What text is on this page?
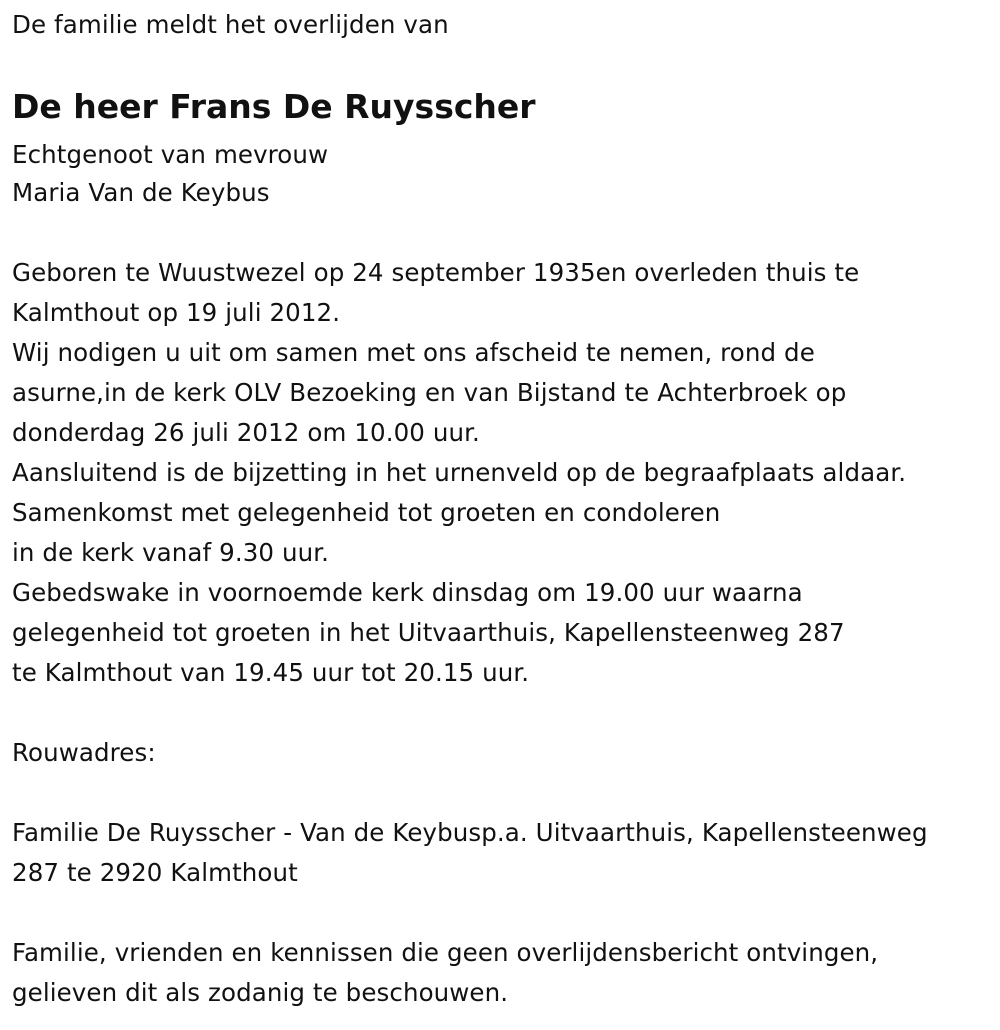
De familie meldt het overlijden van
De heer Frans De Ruysscher
Echtgenoot van mevrouw
Maria Van de Keybus
Geboren te Wuustwezel op 24 september 1935en overleden thuis te
Kalmthout op 19 juli 2012.
Wij nodigen u uit om samen met ons afscheid te nemen, rond de
asurne,in de kerk OLV Bezoeking en van Bijstand te Achterbroek op
donderdag 26 juli 2012 om 10.00 uur.
Aansluitend is de bijzetting in het urnenveld op de begraafplaats aldaar.
Samenkomst met gelegenheid tot groeten en condoleren
in de kerk vanaf 9.30 uur.
Gebedswake in voornoemde kerk dinsdag om 19.00 uur waarna
gelegenheid tot groeten in het Uitvaarthuis, Kapellensteenweg 287
te Kalmthout van 19.45 uur tot 20.15 uur.
Rouwadres:
Familie De Ruysscher - Van de Keybusp.a. Uitvaarthuis, Kapellensteenweg
287 te 2920 Kalmthout
Familie, vrienden en kennissen die geen overlijdensbericht ontvingen,
gelieven dit als zodanig te beschouwen.
